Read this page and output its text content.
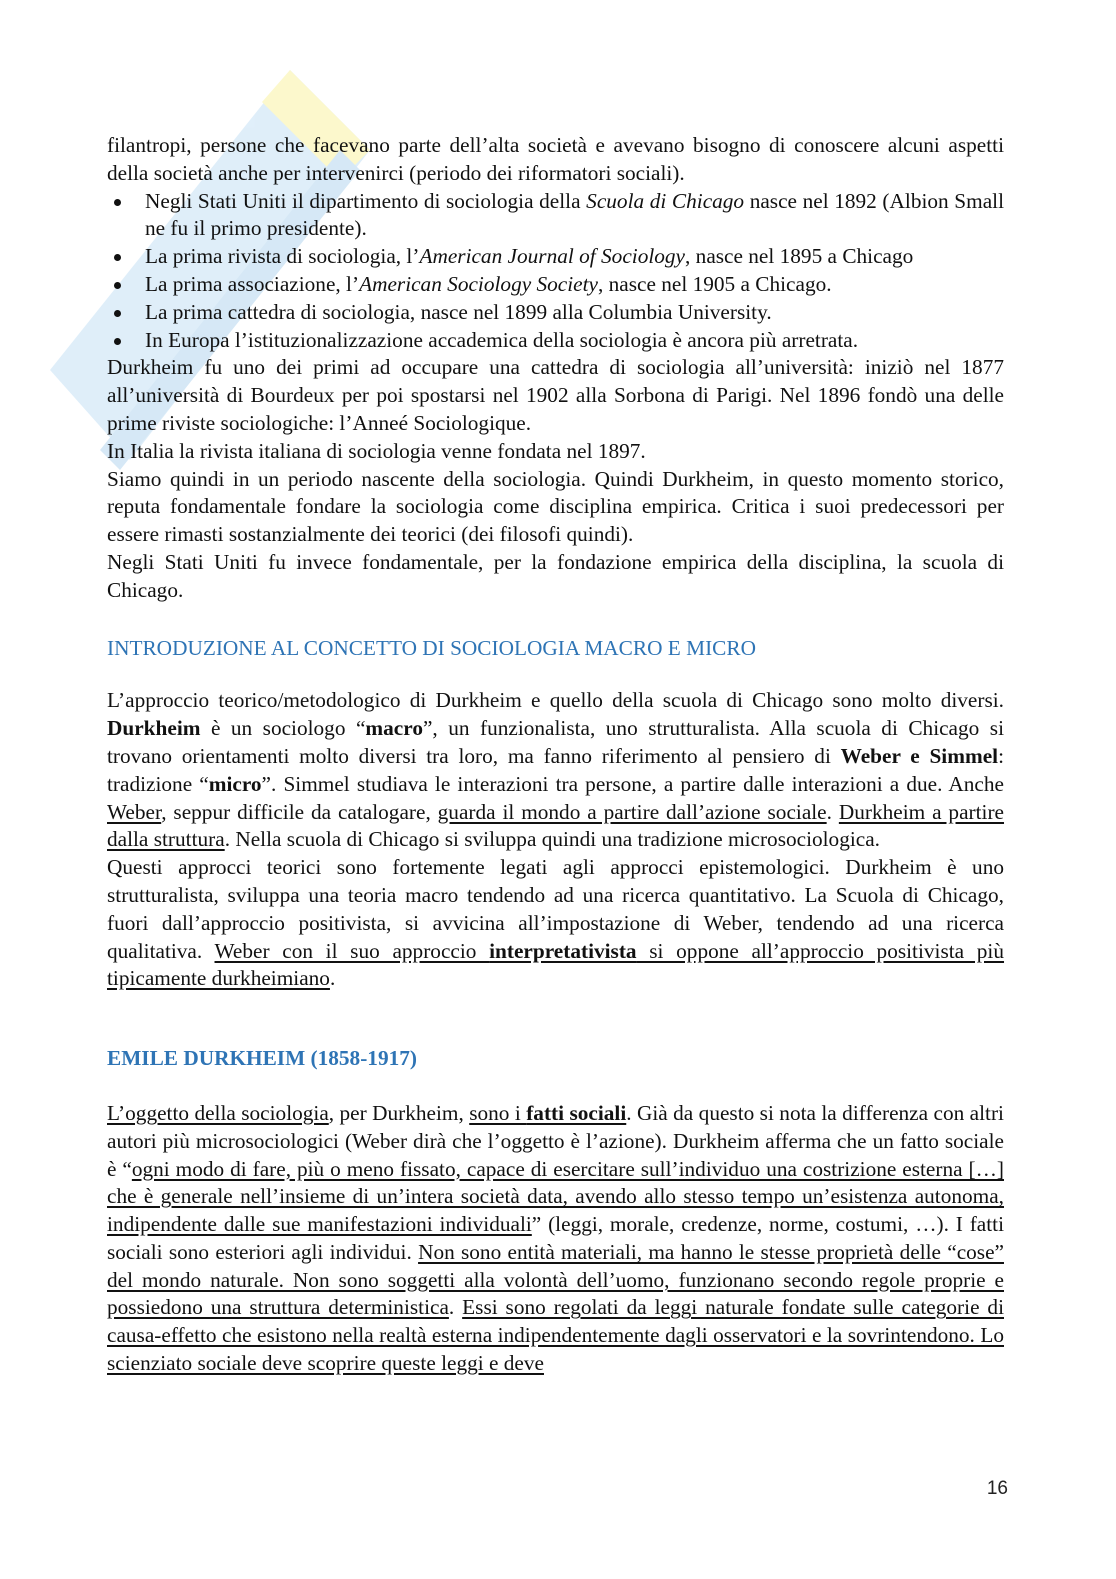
filantropi, persone che facevano parte dell’alta società e avevano bisogno di conoscere alcuni aspetti della società anche per intervenirci (periodo dei riformatori sociali).

Negli Stati Uniti il dipartimento di sociologia della Scuola di Chicago nasce nel 1892 (Albion Small ne fu il primo presidente).
La prima rivista di sociologia, l’American Journal of Sociology, nasce nel 1895 a Chicago
La prima associazione, l’American Sociology Society, nasce nel 1905 a Chicago.
La prima cattedra di sociologia, nasce nel 1899 alla Columbia University.
In Europa l’istituzionalizzazione accademica della sociologia è ancora più arretrata.

Durkheim fu uno dei primi ad occupare una cattedra di sociologia all’università: iniziò nel 1877 all’università di Bourdeux per poi spostarsi nel 1902 alla Sorbona di Parigi. Nel 1896 fondò una delle prime riviste sociologiche: l’Anneé Sociologique.

In Italia la rivista italiana di sociologia venne fondata nel 1897.

Siamo quindi in un periodo nascente della sociologia. Quindi Durkheim, in questo momento storico, reputa fondamentale fondare la sociologia come disciplina empirica. Critica i suoi predecessori per essere rimasti sostanzialmente dei teorici (dei filosofi quindi).

Negli Stati Uniti fu invece fondamentale, per la fondazione empirica della disciplina, la scuola di Chicago.

INTRODUZIONE AL CONCETTO DI SOCIOLOGIA MACRO E MICRO

L’approccio teorico/metodologico di Durkheim e quello della scuola di Chicago sono molto diversi. Durkheim è un sociologo “macro”, un funzionalista, uno strutturalista. Alla scuola di Chicago si trovano orientamenti molto diversi tra loro, ma fanno riferimento al pensiero di Weber e Simmel: tradizione “micro”. Simmel studiava le interazioni tra persone, a partire dalle interazioni a due. Anche Weber, seppur difficile da catalogare, guarda il mondo a partire dall’azione sociale. Durkheim a partire dalla struttura. Nella scuola di Chicago si sviluppa quindi una tradizione microsociologica.

Questi approcci teorici sono fortemente legati agli approcci epistemologici. Durkheim è uno strutturalista, sviluppa una teoria macro tendendo ad una ricerca quantitativo. La Scuola di Chicago, fuori dall’approccio positivista, si avvicina all’impostazione di Weber, tendendo ad una ricerca qualitativa. Weber con il suo approccio interpretativista si oppone all’approccio positivista più tipicamente durkheimiano.

EMILE DURKHEIM (1858-1917)

L’oggetto della sociologia, per Durkheim, sono i fatti sociali. Già da questo si nota la differenza con altri autori più microsociologici (Weber dirà che l’oggetto è l’azione). Durkheim afferma che un fatto sociale è “ogni modo di fare, più o meno fissato, capace di esercitare sull’individuo una costrizione esterna […] che è generale nell’insieme di un’intera società data, avendo allo stesso tempo un’esistenza autonoma, indipendente dalle sue manifestazioni individuali” (leggi, morale, credenze, norme, costumi, …). I fatti sociali sono esteriori agli individui. Non sono entità materiali, ma hanno le stesse proprietà delle “cose” del mondo naturale. Non sono soggetti alla volontà dell’uomo, funzionano secondo regole proprie e possiedono una struttura deterministica. Essi sono regolati da leggi naturale fondate sulle categorie di causa-effetto che esistono nella realtà esterna indipendentemente dagli osservatori e la sovrintendono. Lo scienziato sociale deve scoprire queste leggi e deve

16
